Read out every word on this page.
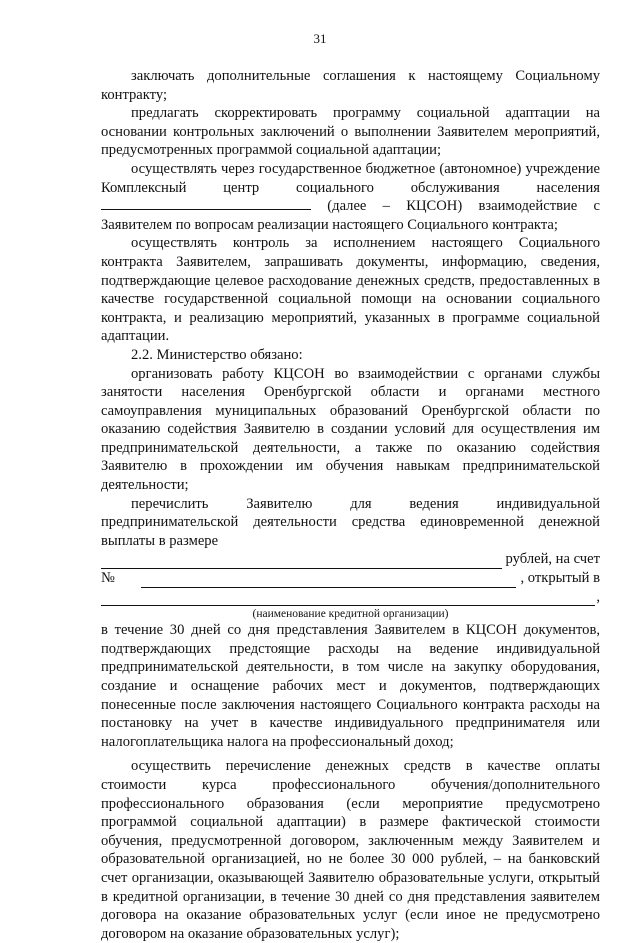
31

заключать дополнительные соглашения к настоящему Социальному контракту;

предлагать скорректировать программу социальной адаптации на основании контрольных заключений о выполнении Заявителем мероприятий, предусмотренных программой социальной адаптации;

осуществлять через государственное бюджетное (автономное) учреждение Комплексный центр социального обслуживания населения  (далее – КЦСОН) взаимодействие с Заявителем по вопросам реализации настоящего Социального контракта;

осуществлять контроль за исполнением настоящего Социального контракта Заявителем, запрашивать документы, информацию, сведения, подтверждающие целевое расходование денежных средств, предоставленных в качестве государственной социальной помощи на основании социального контракта, и реализацию мероприятий, указанных в программе социальной адаптации.

2.2. Министерство обязано:

организовать работу КЦСОН во взаимодействии с органами службы занятости населения Оренбургской области и органами местного самоуправления муниципальных образований Оренбургской области по оказанию содействия Заявителю в создании условий для осуществления им предпринимательской деятельности, а также по оказанию содействия Заявителю в прохождении им обучения навыкам предпринимательской деятельности;

перечислить Заявителю для ведения индивидуальной предпринимательской деятельности средства единовременной денежной выплаты в размере

рублей, на счет
№	, открытый в
,
(наименование кредитной организации)

в течение 30 дней со дня представления Заявителем в КЦСОН документов, подтверждающих предстоящие расходы на ведение индивидуальной предпринимательской деятельности, в том числе на закупку оборудования, создание и оснащение рабочих мест и документов, подтверждающих понесенные после заключения настоящего Социального контракта расходы на постановку на учет в качестве индивидуального предпринимателя или налогоплательщика налога на профессиональный доход;

осуществить перечисление денежных средств в качестве оплаты стоимости курса профессионального обучения/дополнительного профессионального образования (если мероприятие предусмотрено программой социальной адаптации) в размере фактической стоимости обучения, предусмотренной договором, заключенным между Заявителем и образовательной организацией, но не более 30 000 рублей, – на банковский счет организации, оказывающей Заявителю образовательные услуги, открытый в кредитной организации, в течение 30 дней со дня представления заявителем договора на оказание образовательных услуг (если иное не предусмотрено договором на оказание образовательных услуг);
